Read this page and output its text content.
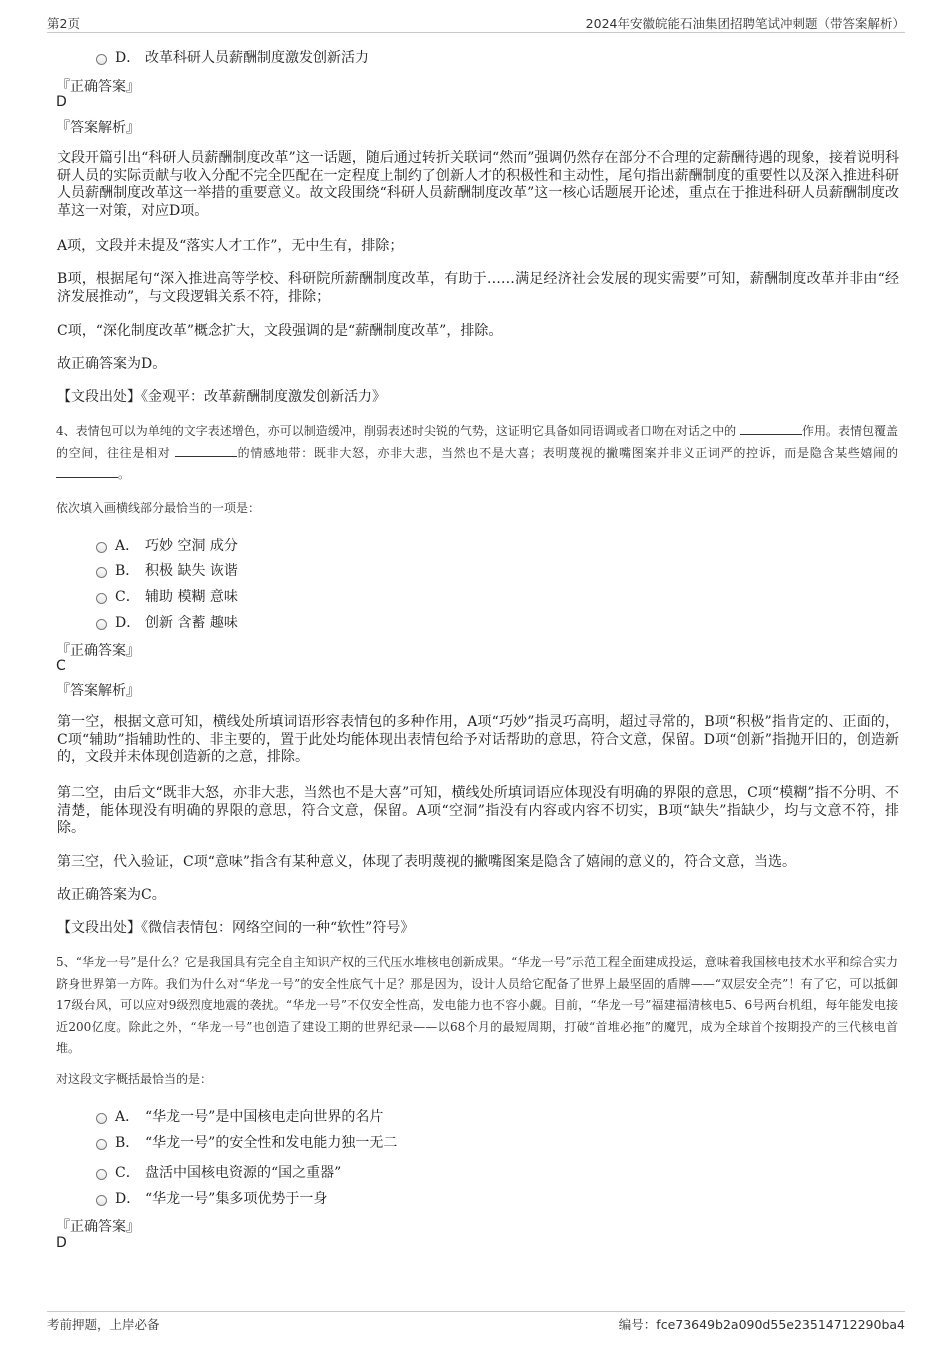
第2页	2024年安徽皖能石油集团招聘笔试冲刺题（带答案解析）
D． 改革科研人员薪酬制度激发创新活力
『正确答案』
D
『答案解析』
文段开篇引出“科研人员薪酬制度改革”这一话题，随后通过转折关联词“然而”强调仍然存在部分不合理的定薪酬待遇的现象，接着说明科研人员的实际贡献与收入分配不完全匹配在一定程度上制约了创新人才的积极性和主动性，尾句指出薪酬制度的重要性以及深入推进科研人员薪酬制度改革这一举措的重要意义。故文段围绕“科研人员薪酬制度改革”这一核心话题展开论述，重点在于推进科研人员薪酬制度改革这一对策，对应D项。
A项，文段并未提及“落实人才工作”，无中生有，排除；
B项，根据尾句“深入推进高等学校、科研院所薪酬制度改革，有助于……满足经济社会发展的现实需要”可知，薪酬制度改革并非由“经济发展推动”，与文段逻辑关系不符，排除；
C项，“深化制度改革”概念扩大，文段强调的是“薪酬制度改革”，排除。
故正确答案为D。
【文段出处】《金观平：改革薪酬制度激发创新活力》
4、表情包可以为单纯的文字表述增色，亦可以制造缓冲，削弱表述时尖锐的气势，这证明它具备如同语调或者口吻在对话之中的	作用。表情包覆盖的空间，往往是相对	的情感地带：既非大怒，亦非大悲，当然也不是大喜；表明蔑视的撇嘴图案并非义正词严的控诉，而是隐含某些嬉闹的 。
依次填入画横线部分最恰当的一项是：
A． 巧妙 空洞 成分
B． 积极 缺失 诙谐
C． 辅助 模糊 意味
D． 创新 含蓄 趣味
『正确答案』
C
『答案解析』
第一空，根据文意可知，横线处所填词语形容表情包的多种作用，A项“巧妙”指灵巧高明，超过寻常的，B项“积极”指肯定的、正面的，C项“辅助”指辅助性的、非主要的，置于此处均能体现出表情包给予对话帮助的意思，符合文意，保留。D项“创新”指抛开旧的，创造新的，文段并未体现创造新的之意，排除。
第二空，由后文“既非大怒，亦非大悲，当然也不是大喜”可知，横线处所填词语应体现没有明确的界限的意思，C项“模糊”指不分明、不清楚，能体现没有明确的界限的意思，符合文意，保留。A项“空洞”指没有内容或内容不切实，B项“缺失”指缺少，均与文意不符，排除。
第三空，代入验证，C项“意味”指含有某种意义，体现了表明蔑视的撇嘴图案是隐含了嬉闹的意义的，符合文意，当选。
故正确答案为C。
【文段出处】《微信表情包：网络空间的一种“软性”符号》
5、“华龙一号”是什么？它是我国具有完全自主知识产权的三代压水堆核电创新成果。“华龙一号”示范工程全面建成投运，意味着我国核电技术水平和综合实力跻身世界第一方阵。我们为什么对“华龙一号”的安全性底气十足？那是因为，设计人员给它配备了世界上最坚固的盾牌——“双层安全壳”！有了它，可以抵御17级台风，可以应对9级烈度地震的袭扰。“华龙一号”不仅安全性高，发电能力也不容小觑。目前，“华龙一号”福建福清核电5、6号两台机组，每年能发电接近200亿度。除此之外，“华龙一号”也创造了建设工期的世界纪录——以68个月的最短周期，打破“首堆必拖”的魔咒，成为全球首个按期投产的三代核电首堆。
对这段文字概括最恰当的是：
A． “华龙一号”是中国核电走向世界的名片
B． “华龙一号”的安全性和发电能力独一无二
C． 盘活中国核电资源的“国之重器”
D． “华龙一号”集多项优势于一身
『正确答案』
D
考前押题，上岸必备	编号：fce73649b2a090d55e23514712290ba4
